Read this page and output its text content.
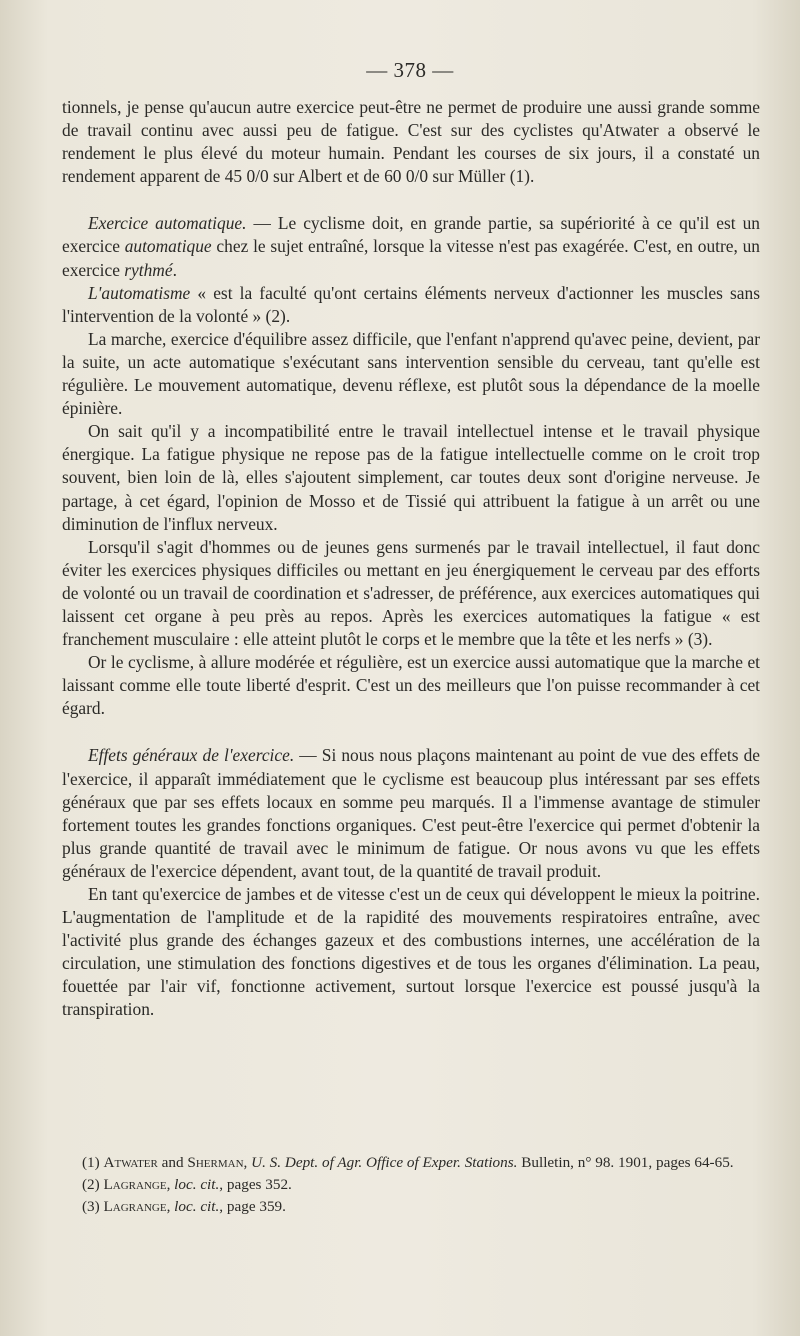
— 378 —

tionnels, je pense qu'aucun autre exercice peut-être ne permet de produire une aussi grande somme de travail continu avec aussi peu de fatigue. C'est sur des cyclistes qu'Atwater a observé le rendement le plus élevé du moteur humain. Pendant les courses de six jours, il a constaté un rendement apparent de 45 0/0 sur Albert et de 60 0/0 sur Müller (1).

Exercice automatique. — Le cyclisme doit, en grande partie, sa supériorité à ce qu'il est un exercice automatique chez le sujet entraîné, lorsque la vitesse n'est pas exagérée. C'est, en outre, un exercice rythmé.

L'automatisme « est la faculté qu'ont certains éléments nerveux d'actionner les muscles sans l'intervention de la volonté » (2).

La marche, exercice d'équilibre assez difficile, que l'enfant n'apprend qu'avec peine, devient, par la suite, un acte automatique s'exécutant sans intervention sensible du cerveau, tant qu'elle est régulière. Le mouvement automatique, devenu réflexe, est plutôt sous la dépendance de la moelle épinière.

On sait qu'il y a incompatibilité entre le travail intellectuel intense et le travail physique énergique. La fatigue physique ne repose pas de la fatigue intellectuelle comme on le croit trop souvent, bien loin de là, elles s'ajoutent simplement, car toutes deux sont d'origine nerveuse. Je partage, à cet égard, l'opinion de Mosso et de Tissié qui attribuent la fatigue à un arrêt ou une diminution de l'influx nerveux.

Lorsqu'il s'agit d'hommes ou de jeunes gens surmenés par le travail intellectuel, il faut donc éviter les exercices physiques difficiles ou mettant en jeu énergiquement le cerveau par des efforts de volonté ou un travail de coordination et s'adresser, de préférence, aux exercices automatiques qui laissent cet organe à peu près au repos. Après les exercices automatiques la fatigue « est franchement musculaire : elle atteint plutôt le corps et le membre que la tête et les nerfs » (3).

Or le cyclisme, à allure modérée et régulière, est un exercice aussi automatique que la marche et laissant comme elle toute liberté d'esprit. C'est un des meilleurs que l'on puisse recommander à cet égard.

Effets généraux de l'exercice. — Si nous nous plaçons maintenant au point de vue des effets de l'exercice, il apparaît immédiatement que le cyclisme est beaucoup plus intéressant par ses effets généraux que par ses effets locaux en somme peu marqués. Il a l'immense avantage de stimuler fortement toutes les grandes fonctions organiques. C'est peut-être l'exercice qui permet d'obtenir la plus grande quantité de travail avec le minimum de fatigue. Or nous avons vu que les effets généraux de l'exercice dépendent, avant tout, de la quantité de travail produit.

En tant qu'exercice de jambes et de vitesse c'est un de ceux qui développent le mieux la poitrine. L'augmentation de l'amplitude et de la rapidité des mouvements respiratoires entraîne, avec l'activité plus grande des échanges gazeux et des combustions internes, une accélération de la circulation, une stimulation des fonctions digestives et de tous les organes d'élimination. La peau, fouettée par l'air vif, fonctionne activement, surtout lorsque l'exercice est poussé jusqu'à la transpiration.

(1) Atwater and Sherman, U. S. Dept. of Agr. Office of Exper. Stations. Bulletin, n° 98. 1901, pages 64-65.

(2) Lagrange, loc. cit., pages 352.

(3) Lagrange, loc. cit., page 359.
